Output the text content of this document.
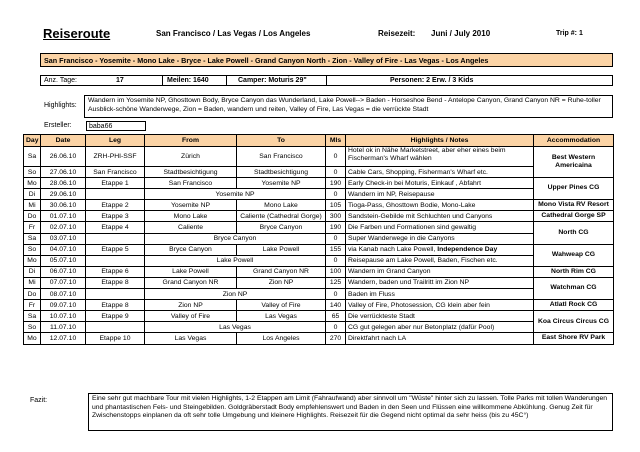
Reiseroute	San Francisco / Las Vegas / Los Angeles	Reisezeit: Juni / July 2010	Trip #: 1
San Francisco - Yosemite - Mono Lake - Bryce - Lake Powell - Grand Canyon North - Zion - Valley of Fire - Las Vegas - Los Angeles
Anz. Tage:	17	Meilen: 1640	Camper: Moturis 29"	Personen: 2 Erw. / 3 Kids
Highlights:
Wandern im Yosemite NP, Ghosttown Body, Bryce Canyon das Wunderland, Lake Powell--> Baden - Horseshoe Bend - Antelope Canyon, Grand Canyon NR = Ruhe-toller Ausblick-schöne Wanderwege, Zion = Baden, wandern und reiten, Valley of Fire, Las Vegas = die verrückte Stadt
Ersteller:	baba66
Day	Date	Leg	From	To	Mls	Highlights / Notes	Accommodation
Sa	26.06.10	ZRH-PHI-SSF	Zürich	San Francisco	0	Hotel ok in Nähe Marketstreet, aber eher eines beim Fischerman's Wharf wählen	Best Western Americaina
So	27.06.10	San Francisco	Stadtbesichtigung	Stadtbesichtigung	0	Cable Cars, Shopping, Fisherman's Wharf etc.	
Mo	28.06.10	Etappe 1	San Francisco	Yosemite NP	190	Early Check-in bei Moturis, Einkauf , Abfahrt	Upper Pines CG
Di	29.06.10		Yosemite NP		0	Wandern im NP, Reisepause	
Mi	30.06.10	Etappe 2	Yosemite NP	Mono Lake	105	Tioga-Pass, Ghosttown Bodie, Mono-Lake	Mono Vista RV Resort
Do	01.07.10	Etappe 3	Mono Lake	Caliente (Cathedral Gorge)	300	Sandstein-Gebilde mit Schluchten und Canyons	Cathedral Gorge SP
Fr	02.07.10	Etappe 4	Caliente	Bryce Canyon	190	Die Farben und Formationen sind gewaltig	North CG
Sa	03.07.10		Bryce Canyon		0	Super Wanderwege in die Canyons	
So	04.07.10	Etappe 5	Bryce Canyon	Lake Powell	155	via Kanab nach Lake Powell, Independence Day	Wahweap CG
Mo	05.07.10		Lake Powell		0	Reisepause am Lake Powell, Baden, Fischen etc.	
Di	06.07.10	Etappe 6	Lake Powell	Grand Canyon NR	100	Wandern im Grand Canyon	North Rim CG
Mi	07.07.10	Etappe 8	Grand Canyon NR	Zion NP	125	Wandern, baden und Trailritt im Zion NP	Watchman CG
Do	08.07.10		Zion NP		0	Baden im Fluss	
Fr	09.07.10	Etappe 8	Zion NP	Valley of Fire	140	Valley of Fire, Photosession, CG klein aber fein	Atlatl Rock CG
Sa	10.07.10	Etappe 9	Valley of Fire	Las Vegas	65	Die verrückteste Stadt	Koa Circus Circus CG
So	11.07.10		Las Vegas		0	CG gut gelegen aber nur Betonplatz (dafür Pool)	
Mo	12.07.10	Etappe 10	Las Vegas	Los Angeles	270	Direktfahrt nach LA	East Shore RV Park
Fazit:	Eine sehr gut machbare Tour mit vielen Highlights, 1-2 Etappen am Limit (Fahraufwand) aber sinnvoll um "Wüste" hinter sich zu lassen. Tolle Parks mit tollen Wanderungen und phantastischen Fels- und Steingebilden. Goldgräberstadt Body empfehlenswert und Baden in den Seen und Flüssen eine willkommene Abkühlung. Genug Zeit für Zwischenstopps einplanen da oft sehr tolle Umgebung und kleinere Highlights. Reisezeit für die Gegend nicht optimal da sehr heiss (bis zu 45C°)
